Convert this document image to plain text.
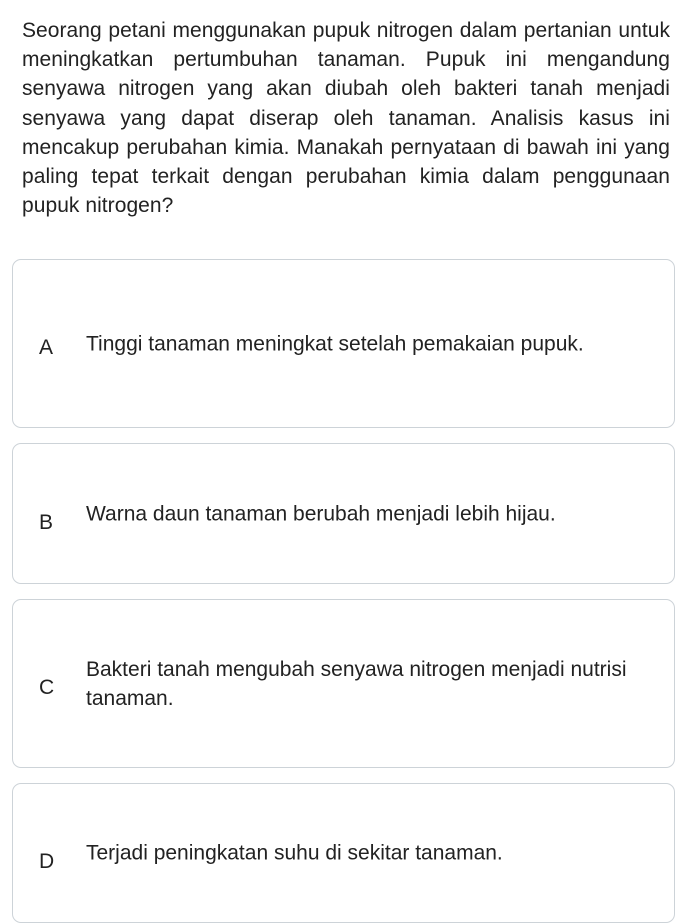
Seorang petani menggunakan pupuk nitrogen dalam pertanian untuk meningkatkan pertumbuhan tanaman. Pupuk ini mengandung senyawa nitrogen yang akan diubah oleh bakteri tanah menjadi senyawa yang dapat diserap oleh tanaman. Analisis kasus ini mencakup perubahan kimia. Manakah pernyataan di bawah ini yang paling tepat terkait dengan perubahan kimia dalam penggunaan pupuk nitrogen?
A Tinggi tanaman meningkat setelah pemakaian pupuk.
B Warna daun tanaman berubah menjadi lebih hijau.
C
Bakteri tanah mengubah senyawa nitrogen menjadi nutrisi tanaman.
D Terjadi peningkatan suhu di sekitar tanaman.
